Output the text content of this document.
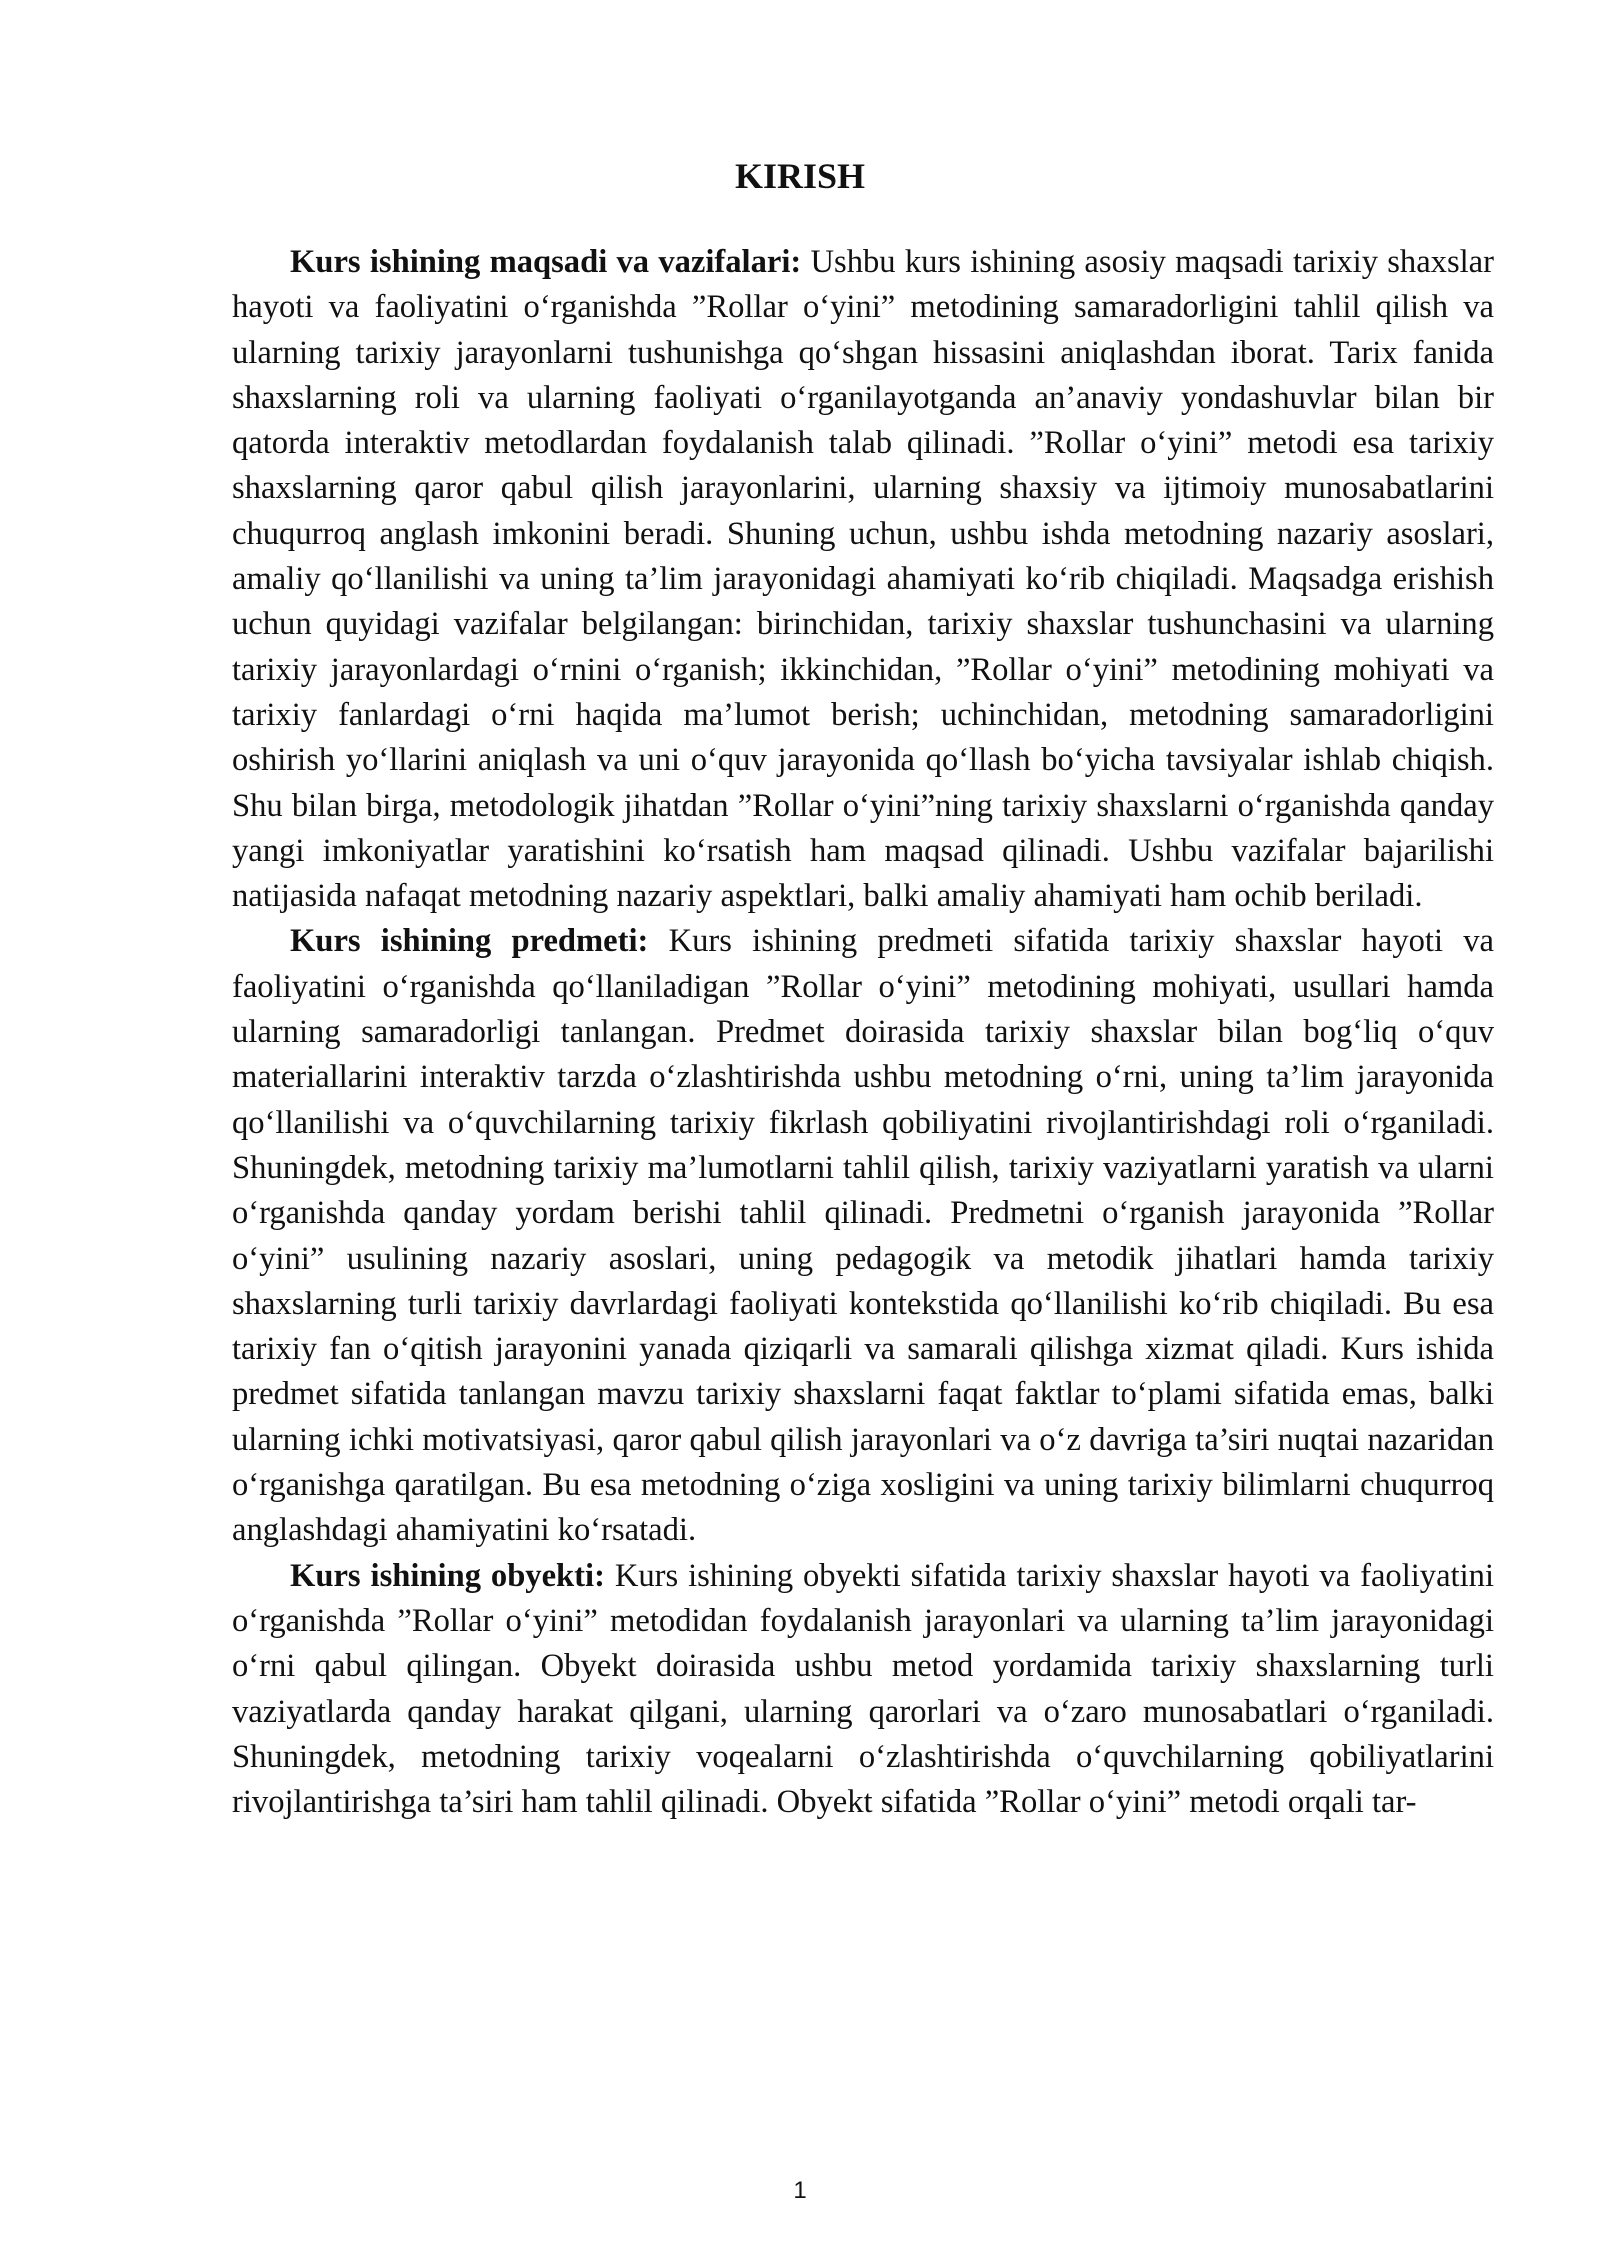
KIRISH

Kurs ishining maqsadi va vazifalari: Ushbu kurs ishining asosiy maqsadi tarixiy shaxslar hayoti va faoliyatini o‘rganishda ”Rollar o‘yini” metodining samaradorligini tahlil qilish va ularning tarixiy jarayonlarni tushunishga qo‘shgan hissasini aniqlashdan iborat. Tarix fanida shaxslarning roli va ularning faoliyati o‘rganilayotganda an’anaviy yondashuvlar bilan bir qatorda interaktiv metodlardan foydalanish talab qilinadi. ”Rollar o‘yini” metodi esa tarixiy shaxslarning qaror qabul qilish jarayonlarini, ularning shaxsiy va ijtimoiy munosabatlarini chuqurroq anglash imkonini beradi. Shuning uchun, ushbu ishda metodning nazariy asoslari, amaliy qo‘llanilishi va uning ta’lim jarayonidagi ahamiyati ko‘rib chiqiladi. Maqsadga erishish uchun quyidagi vazifalar belgilangan: birinchidan, tarixiy shaxslar tushunchasini va ularning tarixiy jarayonlardagi o‘rnini o‘rganish; ikkinchidan, ”Rollar o‘yini” metodining mohiyati va tarixiy fanlardagi o‘rni haqida ma’lumot berish; uchinchidan, metodning samaradorligini oshirish yo‘llarini aniqlash va uni o‘quv jarayonida qo‘llash bo‘yicha tavsiyalar ishlab chiqish. Shu bilan birga, metodologik jihatdan ”Rollar o‘yini”ning tarixiy shaxslarni o‘rganishda qanday yangi imkoniyatlar yaratishini ko‘rsatish ham maqsad qilinadi. Ushbu vazifalar bajarilishi natijasida nafaqat metodning nazariy aspektlari, balki amaliy ahamiyati ham ochib beriladi.

Kurs ishining predmeti: Kurs ishining predmeti sifatida tarixiy shaxslar hayoti va faoliyatini o‘rganishda qo‘llaniladigan ”Rollar o‘yini” metodining mohiyati, usullari hamda ularning samaradorligi tanlangan. Predmet doirasida tarixiy shaxslar bilan bog‘liq o‘quv materiallarini interaktiv tarzda o‘zlashtirishda ushbu metodning o‘rni, uning ta’lim jarayonida qo‘llanilishi va o‘quvchilarning tarixiy fikrlash qobiliyatini rivojlantirishdagi roli o‘rganiladi. Shuningdek, metodning tarixiy ma’lumotlarni tahlil qilish, tarixiy vaziyatlarni yaratish va ularni o‘rganishda qanday yordam berishi tahlil qilinadi. Predmetni o‘rganish jarayonida ”Rollar o‘yini” usulining nazariy asoslari, uning pedagogik va metodik jihatlari hamda tarixiy shaxslarning turli tarixiy davrlardagi faoliyati kontekstida qo‘llanilishi ko‘rib chiqiladi. Bu esa tarixiy fan o‘qitish jarayonini yanada qiziqarli va samarali qilishga xizmat qiladi. Kurs ishida predmet sifatida tanlangan mavzu tarixiy shaxslarni faqat faktlar to‘plami sifatida emas, balki ularning ichki motivatsiyasi, qaror qabul qilish jarayonlari va o‘z davriga ta’siri nuqtai nazaridan o‘rganishga qaratilgan. Bu esa metodning o‘ziga xosligini va uning tarixiy bilimlarni chuqurroq anglashdagi ahamiyatini ko‘rsatadi.

Kurs ishining obyekti: Kurs ishining obyekti sifatida tarixiy shaxslar hayoti va faoliyatini o‘rganishda ”Rollar o‘yini” metodidan foydalanish jarayonlari va ularning ta’lim jarayonidagi o‘rni qabul qilingan. Obyekt doirasida ushbu metod yordamida tarixiy shaxslarning turli vaziyatlarda qanday harakat qilgani, ularning qarorlari va o‘zaro munosabatlari o‘rganiladi. Shuningdek, metodning tarixiy voqealarni o‘zlashtirishda o‘quvchilarning qobiliyatlarini rivojlantirishga ta’siri ham tahlil qilinadi. Obyekt sifatida ”Rollar o‘yini” metodi orqali tar-

1
